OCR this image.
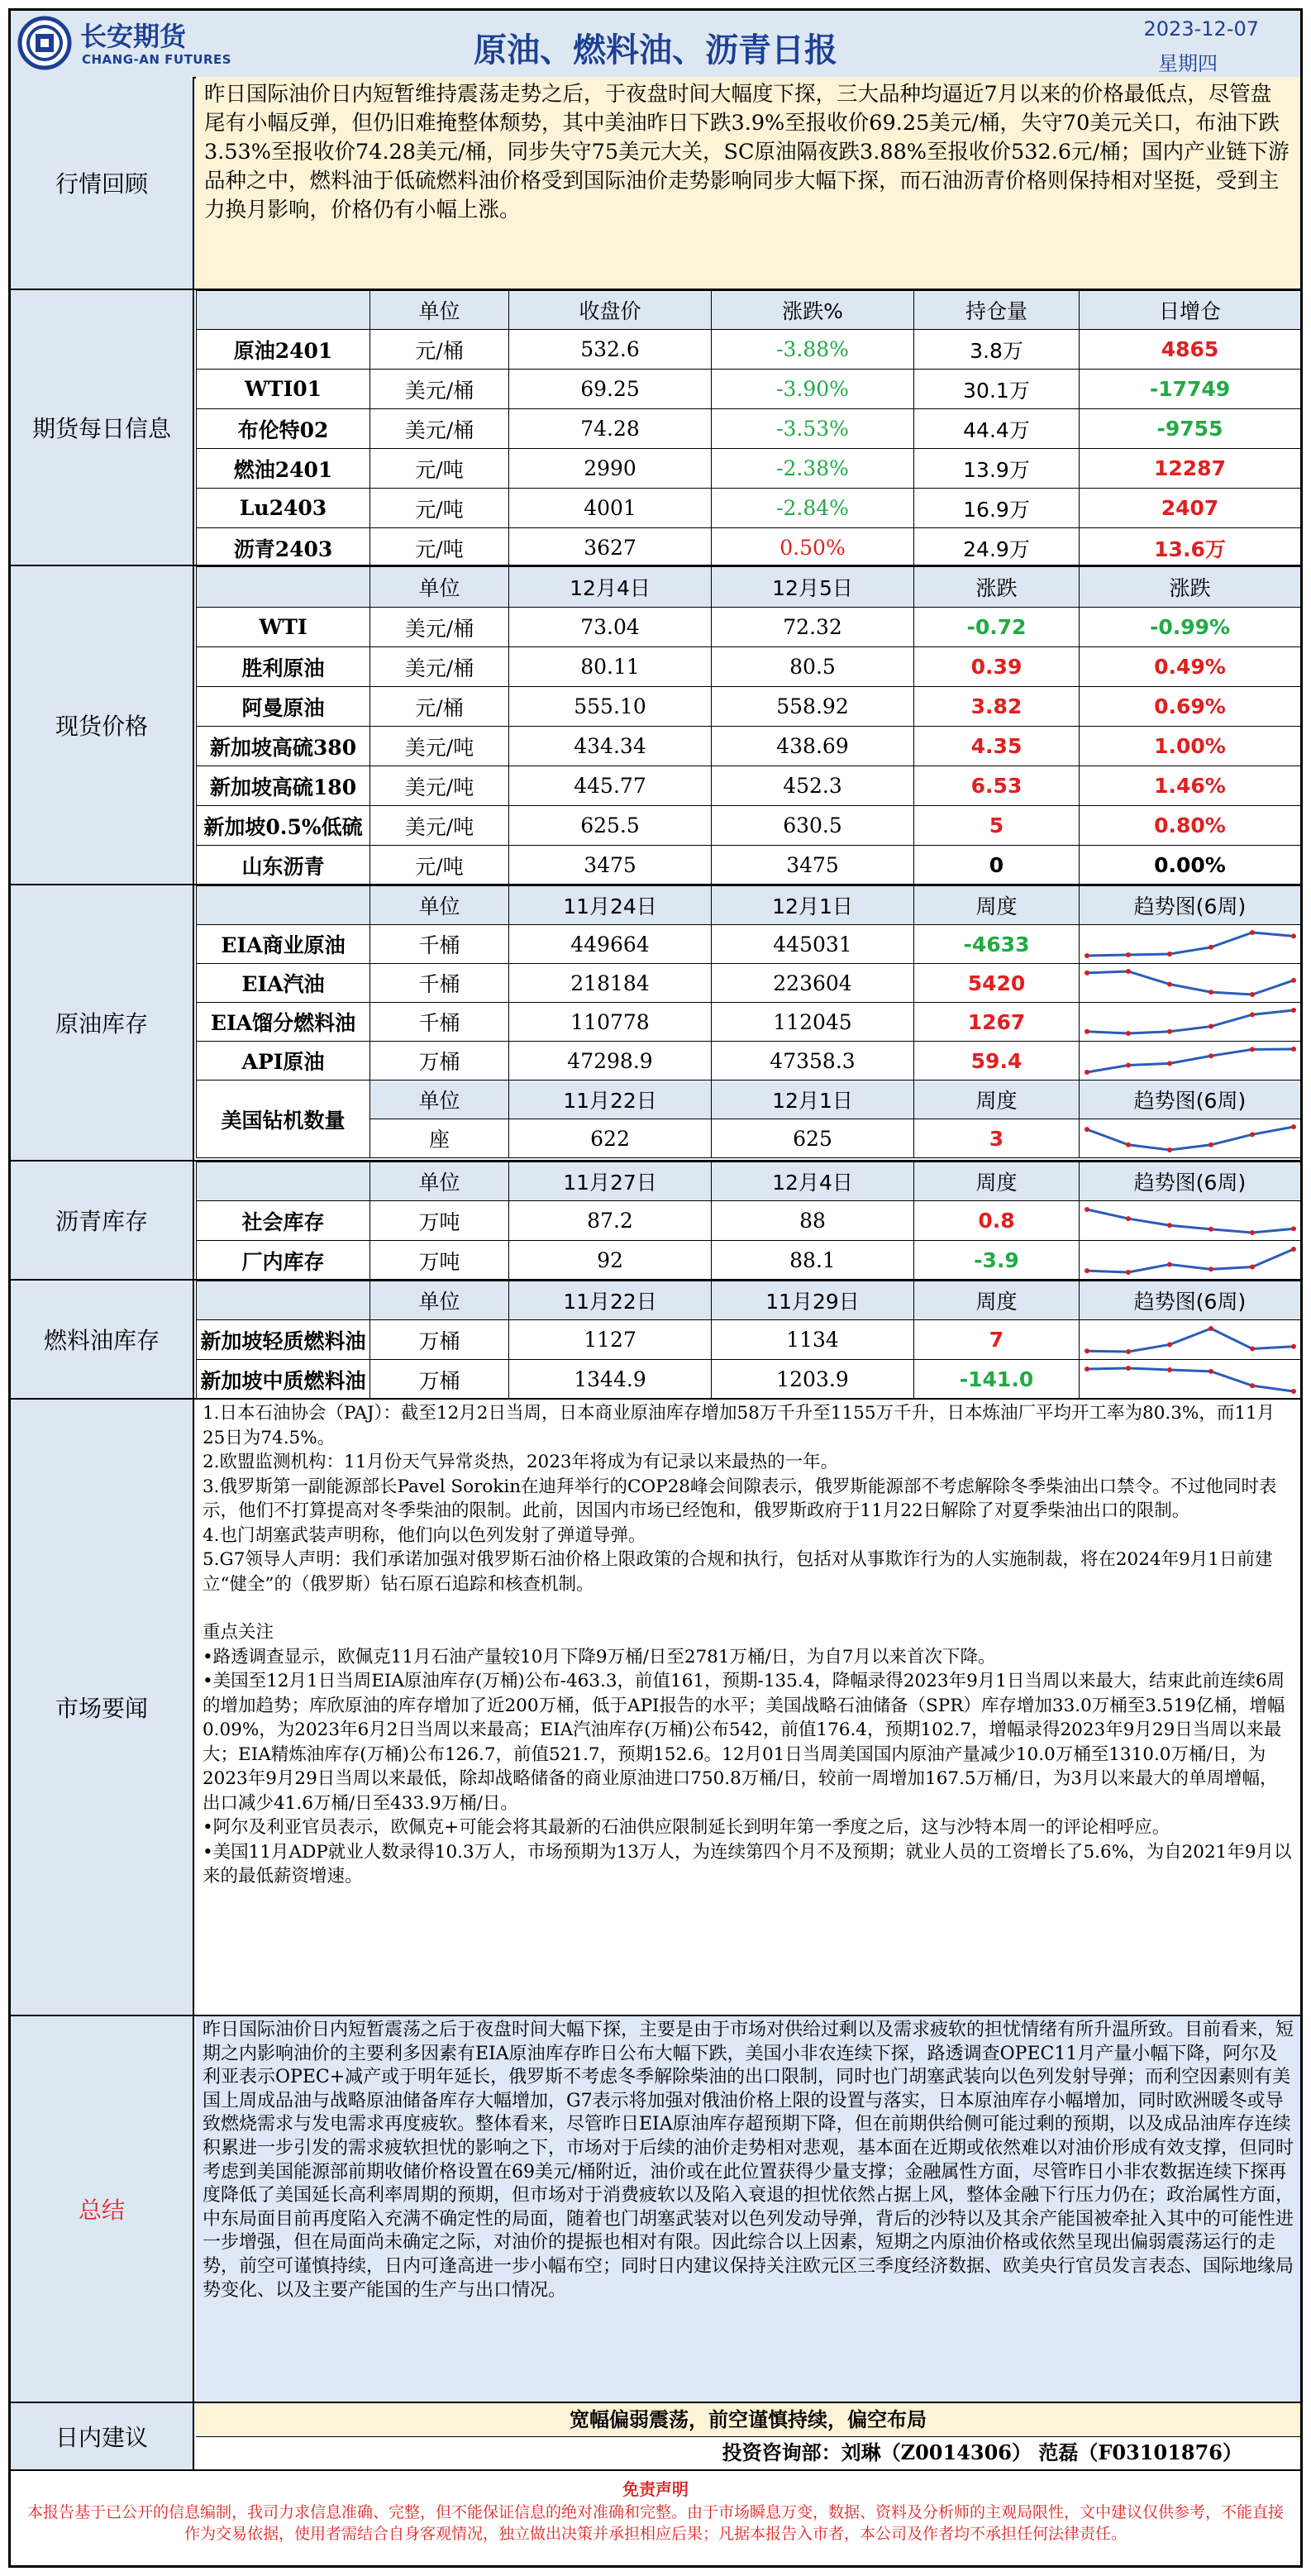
长安期货
CHANG-AN FUTURES	原油、燃料油、沥青日报
2023-12-07
星期四
行情回顾
昨日国际油价日内短暂维持震荡走势之后，于夜盘时间大幅度下探，三大品种均逼近7月以来的价格最低点，尽管盘尾有小幅反弹，但仍旧难掩整体颓势，其中美油昨日下跌3.9%至报收价69.25美元/桶，失守70美元关口，布油下跌3.53%至报收价74.28美元/桶，同步失守75美元大关，SC原油隔夜跌3.88%至报收价532.6元/桶；国内产业链下游品种之中，燃料油于低硫燃料油价格受到国际油价走势影响同步大幅下探，而石油沥青价格则保持相对坚挺，受到主力换月影响，价格仍有小幅上涨。
期货每日信息
	单位	收盘价	涨跌%	持仓量	日增仓
原油2401	元/桶	532.6	-3.88%	3.8万	4865
WTI01	美元/桶	69.25	-3.90%	30.1万	-17749
布伦特02	美元/桶	74.28	-3.53%	44.4万	-9755
燃油2401	元/吨	2990	-2.38%	13.9万	12287
Lu2403	元/吨	4001	-2.84%	16.9万	2407
沥青2403	元/吨	3627	0.50%	24.9万	13.6万
现货价格
	单位	12月4日	12月5日	涨跌	涨跌
WTI	美元/桶	73.04	72.32	-0.72	-0.99%
胜利原油	美元/桶	80.11	80.5	0.39	0.49%
阿曼原油	元/桶	555.10	558.92	3.82	0.69%
新加坡高硫380	美元/吨	434.34	438.69	4.35	1.00%
新加坡高硫180	美元/吨	445.77	452.3	6.53	1.46%
新加坡0.5%低硫	美元/吨	625.5	630.5	5	0.80%
山东沥青	元/吨	3475	3475	0	0.00%
原油库存
	单位	11月24日	12月1日	周度	趋势图(6周)
EIA商业原油	千桶	449664	445031	-4633	

EIA汽油	千桶	218184	223604	5420	

EIA馏分燃料油	千桶	110778	112045	1267	

API原油	万桶	47298.9	47358.3	59.4	

美国钻机数量	单位	11月22日	12月1日	周度	趋势图(6周)
	座	622	625	3	
沥青库存
	单位	11月27日	12月4日	周度	趋势图(6周)
社会库存	万吨	87.2	88	0.8	

厂内库存	万吨	92	88.1	-3.9	
燃料油库存
	单位	11月22日	11月29日	周度	趋势图(6周)
新加坡轻质燃料油	万桶	1127	1134	7	

新加坡中质燃料油	万桶	1344.9	1203.9	-141.0	
市场要闻
1.日本石油协会（PAJ）：截至12月2日当周，日本商业原油库存增加58万千升至1155万千升，日本炼油厂平均开工率为80.3%，而11月25日为74.5%。
2.欧盟监测机构：11月份天气异常炎热，2023年将成为有记录以来最热的一年。
3.俄罗斯第一副能源部长Pavel Sorokin在迪拜举行的COP28峰会间隙表示，俄罗斯能源部不考虑解除冬季柴油出口禁令。不过他同时表示，他们不打算提高对冬季柴油的限制。此前，因国内市场已经饱和，俄罗斯政府于11月22日解除了对夏季柴油出口的限制。
4.也门胡塞武装声明称，他们向以色列发射了弹道导弹。
5.G7领导人声明：我们承诺加强对俄罗斯石油价格上限政策的合规和执行，包括对从事欺诈行为的人实施制裁，将在2024年9月1日前建立“健全”的（俄罗斯）钻石原石追踪和核查机制。
重点关注
•路透调查显示，欧佩克11月石油产量较10月下降9万桶/日至2781万桶/日，为自7月以来首次下降。
•美国至12月1日当周EIA原油库存(万桶)公布-463.3，前值161，预期-135.4，降幅录得2023年9月1日当周以来最大，结束此前连续6周的增加趋势；库欣原油的库存增加了近200万桶，低于API报告的水平；美国战略石油储备（SPR）库存增加33.0万桶至3.519亿桶，增幅0.09%，为2023年6月2日当周以来最高；EIA汽油库存(万桶)公布542，前值176.4，预期102.7，增幅录得2023年9月29日当周以来最大；EIA精炼油库存(万桶)公布126.7，前值521.7，预期152.6。12月01日当周美国国内原油产量减少10.0万桶至1310.0万桶/日，为2023年9月29日当周以来最低，除却战略储备的商业原油进口750.8万桶/日，较前一周增加167.5万桶/日，为3月以来最大的单周增幅，出口减少41.6万桶/日至433.9万桶/日。
•阿尔及利亚官员表示，欧佩克+可能会将其最新的石油供应限制延长到明年第一季度之后，这与沙特本周一的评论相呼应。
•美国11月ADP就业人数录得10.3万人，市场预期为13万人，为连续第四个月不及预期；就业人员的工资增长了5.6%，为自2021年9月以来的最低薪资增速。
总结
昨日国际油价日内短暂震荡之后于夜盘时间大幅下探，主要是由于市场对供给过剩以及需求疲软的担忧情绪有所升温所致。目前看来，短期之内影响油价的主要利多因素有EIA原油库存昨日公布大幅下跌，美国小非农连续下探，路透调查OPEC11月产量小幅下降，阿尔及利亚表示OPEC+减产或于明年延长，俄罗斯不考虑冬季解除柴油的出口限制，同时也门胡塞武装向以色列发射导弹；而利空因素则有美国上周成品油与战略原油储备库存大幅增加，G7表示将加强对俄油价格上限的设置与落实，日本原油库存小幅增加，同时欧洲暖冬或导致燃烧需求与发电需求再度疲软。整体看来，尽管昨日EIA原油库存超预期下降，但在前期供给侧可能过剩的预期，以及成品油库存连续积累进一步引发的需求疲软担忧的影响之下，市场对于后续的油价走势相对悲观，基本面在近期或依然难以对油价形成有效支撑，但同时考虑到美国能源部前期收储价格设置在69美元/桶附近，油价或在此位置获得少量支撑；金融属性方面，尽管昨日小非农数据连续下探再度降低了美国延长高利率周期的预期，但市场对于消费疲软以及陷入衰退的担忧依然占据上风，整体金融下行压力仍在；政治属性方面，中东局面目前再度陷入充满不确定性的局面，随着也门胡塞武装对以色列发动导弹，背后的沙特以及其余产能国被牵扯入其中的可能性进一步增强，但在局面尚未确定之际，对油价的提振也相对有限。因此综合以上因素，短期之内原油价格或依然呈现出偏弱震荡运行的走势，前空可谨慎持续，日内可逢高进一步小幅布空；同时日内建议保持关注欧元区三季度经济数据、欧美央行官员发言表态、国际地缘局势变化、以及主要产能国的生产与出口情况。
日内建议
宽幅偏弱震荡，前空谨慎持续，偏空布局
投资咨询部：刘琳（Z0014306） 范磊（F03101876）
免责声明
本报告基于已公开的信息编制，我司力求信息准确、完整，但不能保证信息的绝对准确和完整。由于市场瞬息万变，数据、资料及分析师的主观局限性，文中建议仅供参考，不能直接作为交易依据，使用者需结合自身客观情况，独立做出决策并承担相应后果；凡据本报告入市者，本公司及作者均不承担任何法律责任。
